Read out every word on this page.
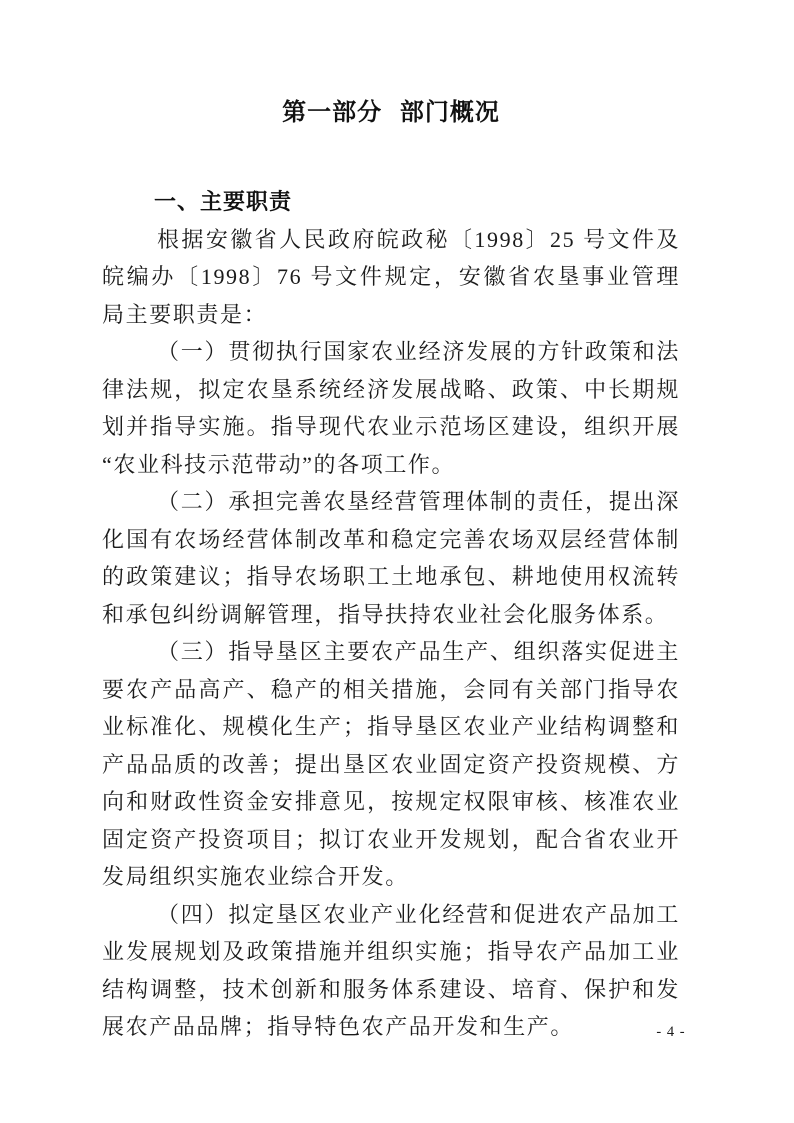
第一部分 部门概况
一、主要职责

根据安徽省人民政府皖政秘〔1998〕25 号文件及皖编办〔1998〕76 号文件规定，安徽省农垦事业管理局主要职责是：

（一）贯彻执行国家农业经济发展的方针政策和法律法规，拟定农垦系统经济发展战略、政策、中长期规划并指导实施。指导现代农业示范场区建设，组织开展“农业科技示范带动”的各项工作。

（二）承担完善农垦经营管理体制的责任，提出深化国有农场经营体制改革和稳定完善农场双层经营体制的政策建议；指导农场职工土地承包、耕地使用权流转和承包纠纷调解管理，指导扶持农业社会化服务体系。

（三）指导垦区主要农产品生产、组织落实促进主要农产品高产、稳产的相关措施，会同有关部门指导农业标准化、规模化生产；指导垦区农业产业结构调整和产品品质的改善；提出垦区农业固定资产投资规模、方向和财政性资金安排意见，按规定权限审核、核准农业固定资产投资项目；拟订农业开发规划，配合省农业开发局组织实施农业综合开发。

（四）拟定垦区农业产业化经营和促进农产品加工业发展规划及政策措施并组织实施；指导农产品加工业结构调整，技术创新和服务体系建设、培育、保护和发展农产品品牌；指导特色农产品开发和生产。	- 4 -
